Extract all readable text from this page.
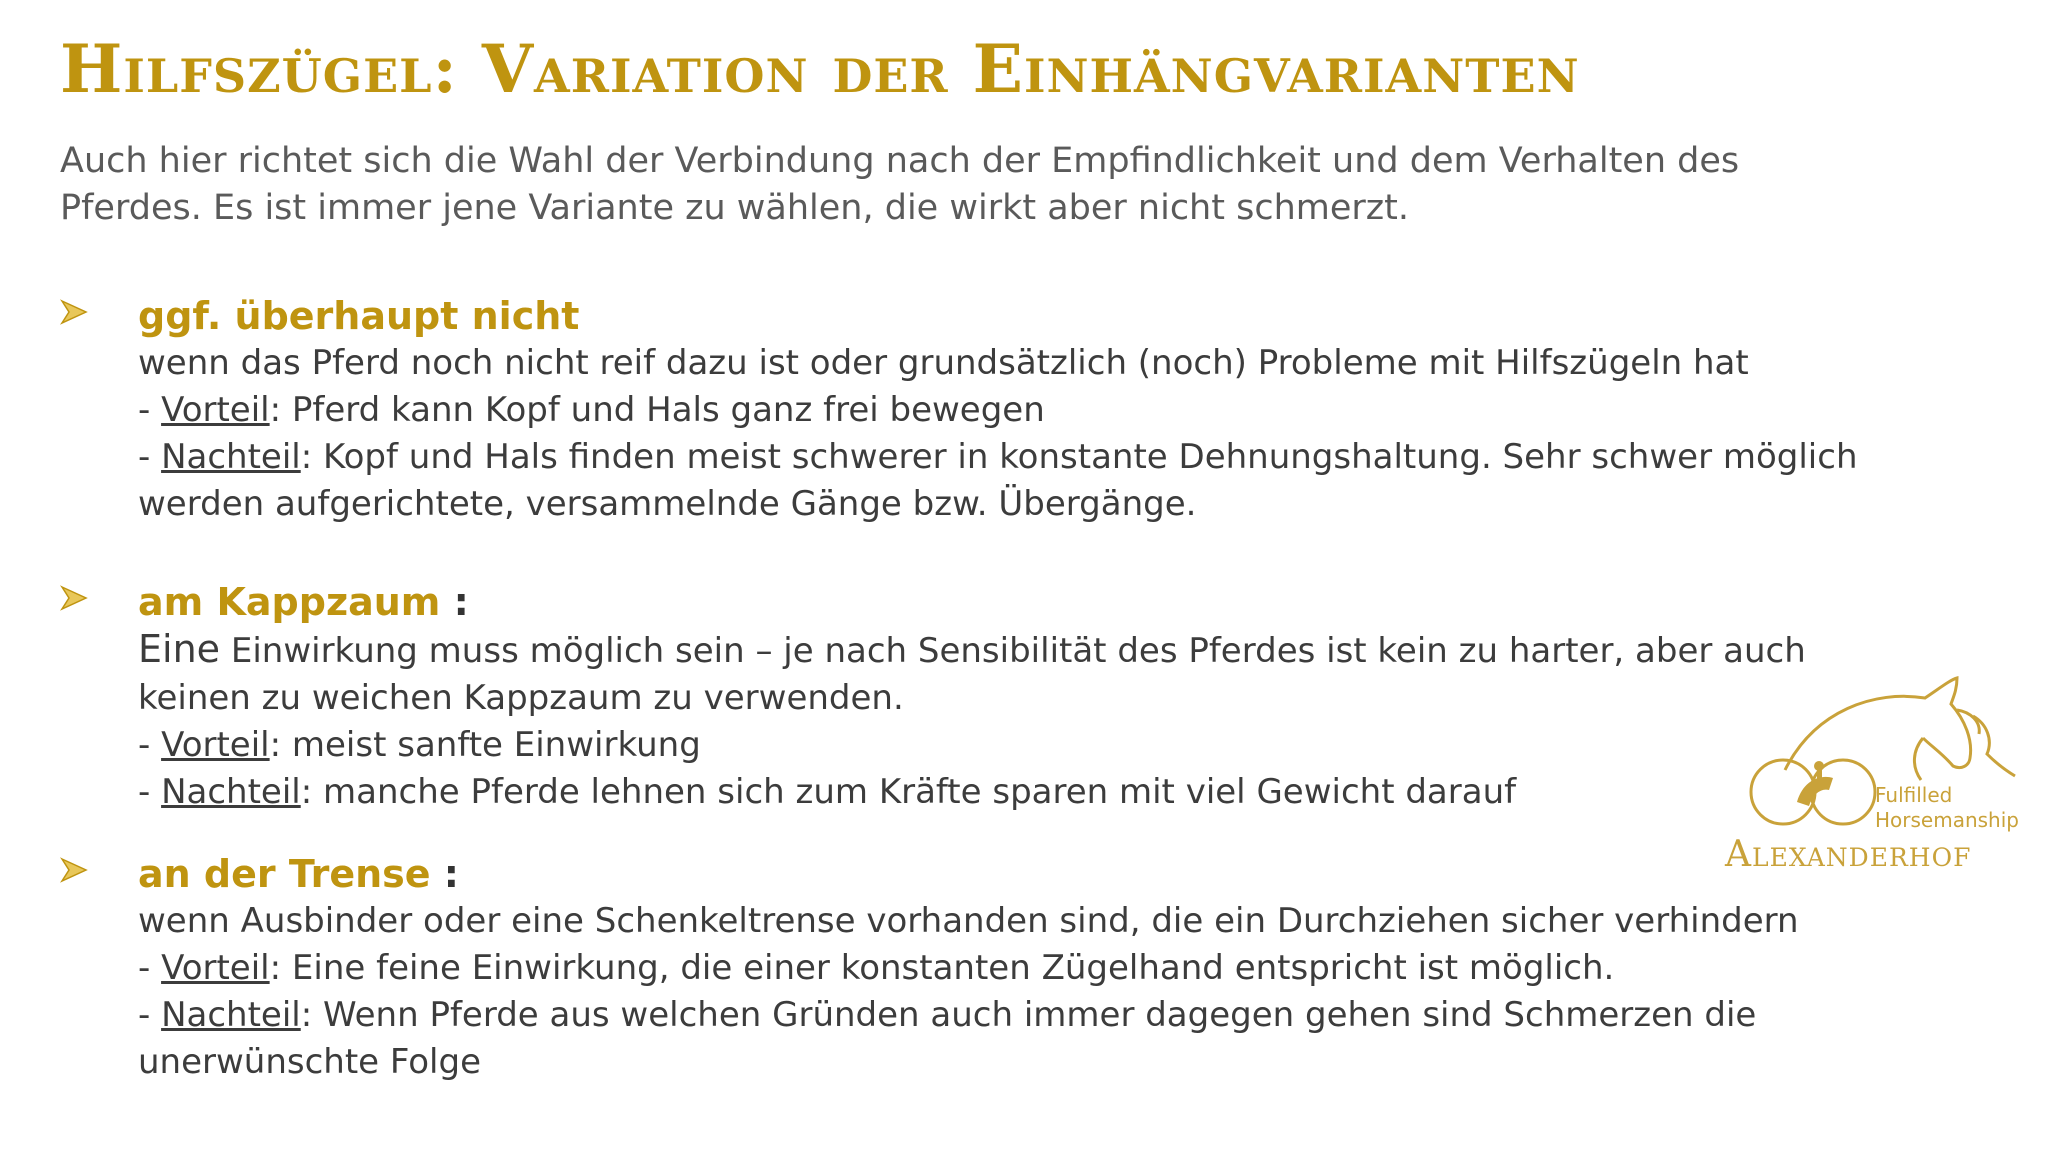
Hilfszügel: Variation der Einhängvarianten
Auch hier richtet sich die Wahl der Verbindung nach der Empfindlichkeit und dem Verhalten des Pferdes. Es ist immer jene Variante zu wählen, die wirkt aber nicht schmerzt.
ggf. überhaupt nicht
wenn das Pferd noch nicht reif dazu ist oder grundsätzlich (noch) Probleme mit Hilfszügeln hat
- Vorteil: Pferd kann Kopf und Hals ganz frei bewegen
- Nachteil: Kopf und Hals finden meist schwerer in konstante Dehnungshaltung. Sehr schwer möglich werden aufgerichtete, versammelnde Gänge bzw. Übergänge.
am Kappzaum :
Eine Einwirkung muss möglich sein – je nach Sensibilität des Pferdes ist kein zu harter, aber auch keinen zu weichen Kappzaum zu verwenden.
- Vorteil: meist sanfte Einwirkung
- Nachteil: manche Pferde lehnen sich zum Kräfte sparen mit viel Gewicht darauf
an der Trense :
wenn Ausbinder oder eine Schenkeltrense vorhanden sind, die ein Durchziehen sicher verhindern
- Vorteil: Eine feine Einwirkung, die einer konstanten Zügelhand entspricht ist möglich.
- Nachteil: Wenn Pferde aus welchen Gründen auch immer dagegen gehen sind Schmerzen die unerwünschte Folge
Fulfilled
Horsemanship
Alexanderhof
